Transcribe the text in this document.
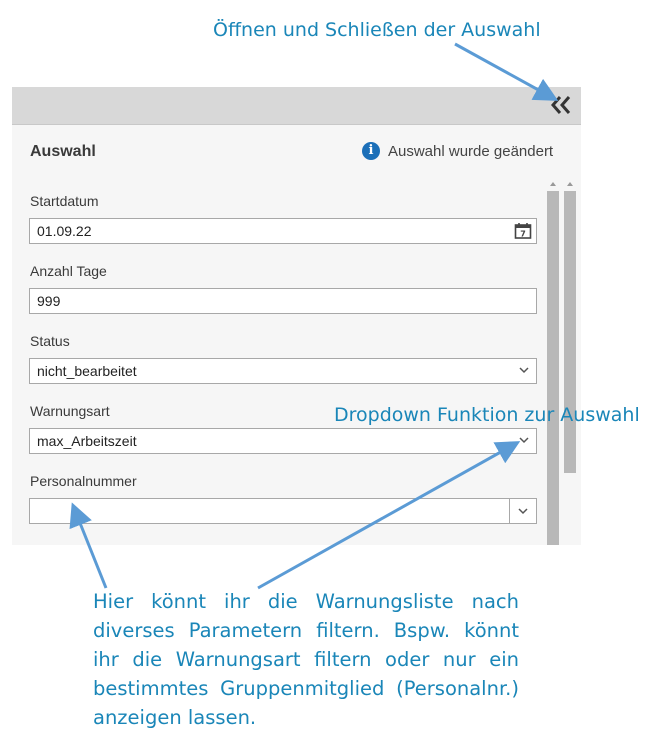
Öffnen und Schließen der Auswahl
Auswahl	i Auswahl wurde geändert
Startdatum
01.09.22	7
Anzahl Tage
999
Status
nicht_bearbeitet
Warnungsart
max_Arbeitszeit
Personalnummer
Dropdown Funktion zur Auswahl
Hier könnt ihr die Warnungsliste nach diverses Parametern filtern. Bspw. könnt ihr die Warnungsart filtern oder nur ein bestimmtes Gruppenmitglied (Personalnr.) anzeigen lassen.
